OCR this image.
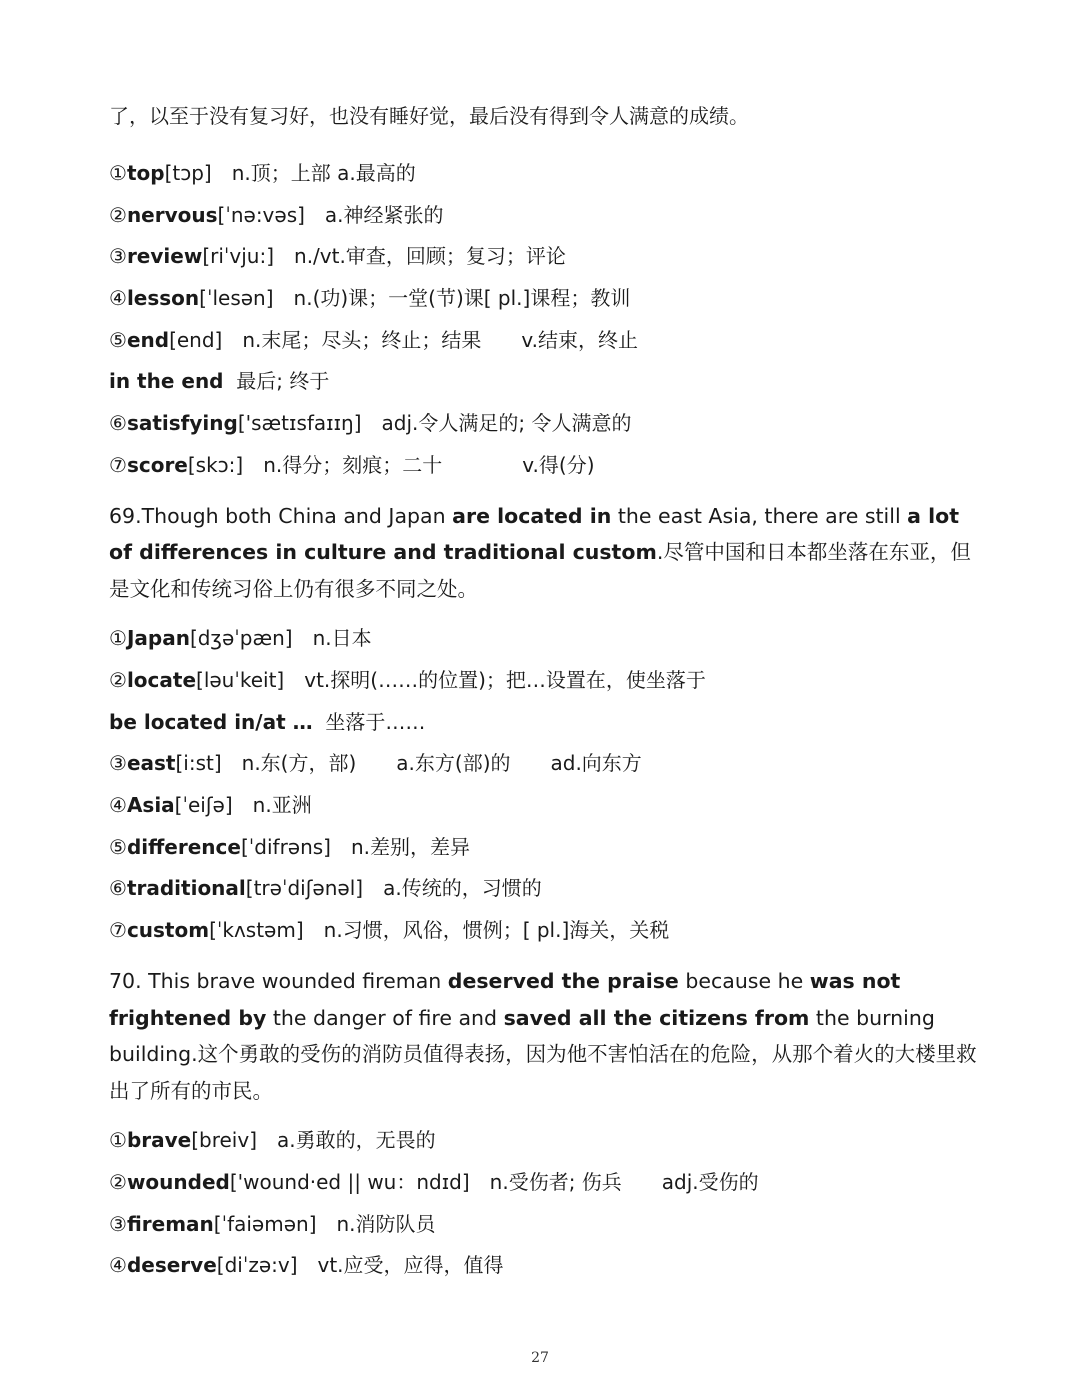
了，以至于没有复习好，也没有睡好觉，最后没有得到令人满意的成绩。
①top[tɔp] n.顶；上部 a.最高的
②nervous[ˈnə:vəs] a.神经紧张的
③review[riˈvju:] n./vt.审查，回顾；复习；评论
④lesson[ˈlesən] n.(功)课；一堂(节)课[ pl.]课程；教训
⑤end[end] n.末尾；尽头；终止；结果 v.结束，终止
in the end 最后; 终于
⑥satisfying['sætɪsfaɪɪŋ] adj.令人满足的; 令人满意的
⑦score[skɔ:] n.得分；刻痕；二十	v.得(分)
69.Though both China and Japan are located in the east Asia, there are still a lot of differences in culture and traditional custom.尽管中国和日本都坐落在东亚，但是文化和传统习俗上仍有很多不同之处。
①Japan[dʒəˈpæn] n.日本
②locate[ləuˈkeit] vt.探明(……的位置)；把…设置在，使坐落于
be located in/at … 坐落于……
③east[i:st] n.东(方，部) a.东方(部)的 ad.向东方
④Asia[ˈeiʃə] n.亚洲
⑤difference[ˈdifrəns] n.差别，差异
⑥traditional[trəˈdiʃənəl] a.传统的，习惯的
⑦custom[ˈkʌstəm] n.习惯，风俗，惯例；[ pl.]海关，关税
70. This brave wounded fireman deserved the praise because he was not frightened by the danger of fire and saved all the citizens from the burning building.这个勇敢的受伤的消防员值得表扬，因为他不害怕活在的危险，从那个着火的大楼里救出了所有的市民。
①brave[breiv] a.勇敢的，无畏的
②wounded['wound·ed || wu：ndɪd] n.受伤者; 伤兵 adj.受伤的
③fireman[ˈfaiəmən] n.消防队员
④deserve[diˈzə:v] vt.应受，应得，值得
27
